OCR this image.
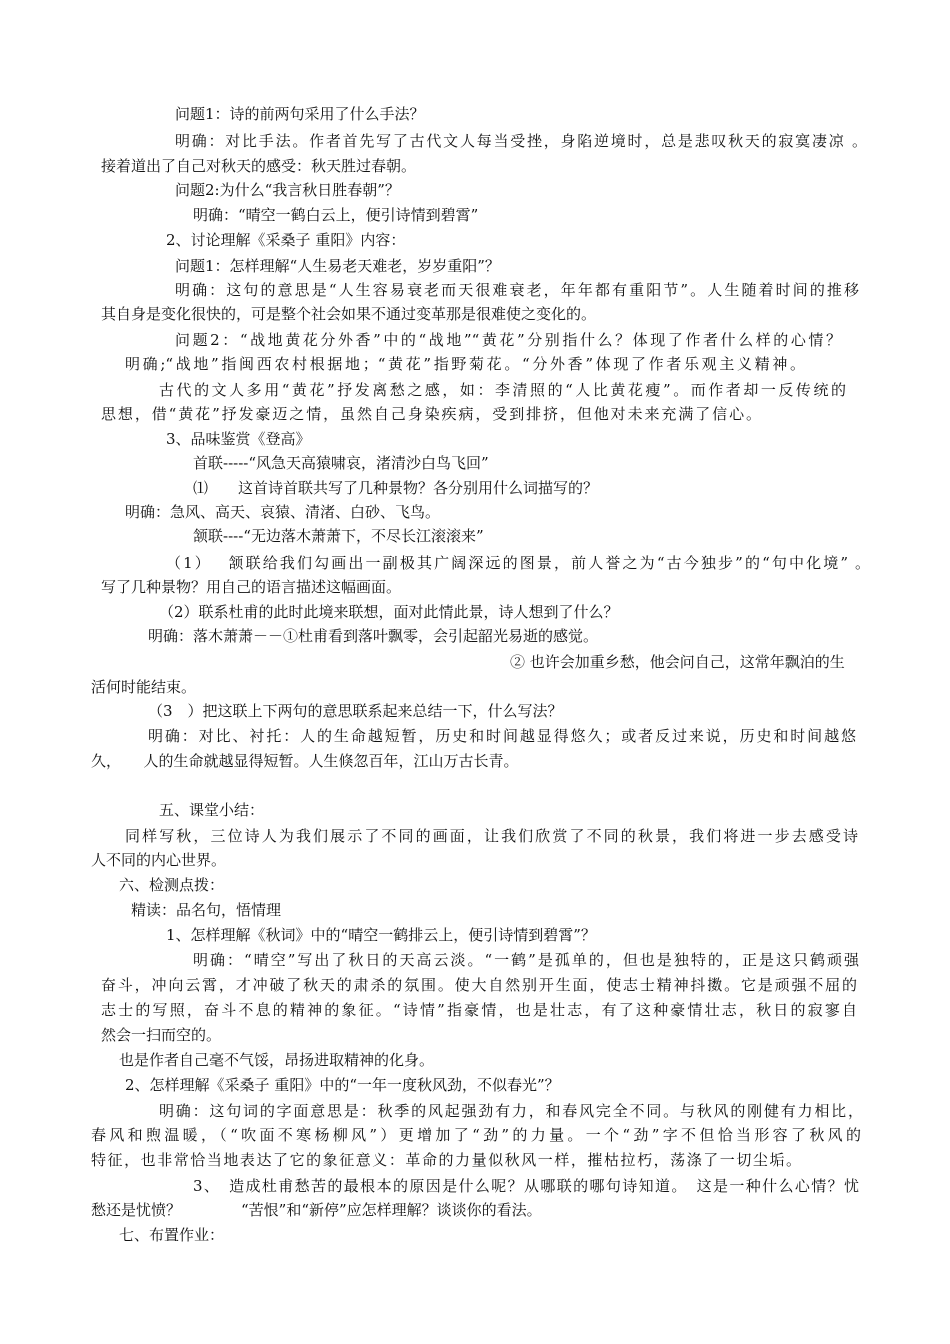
问题1：诗的前两句采用了什么手法？
明确：对比手法。作者首先写了古代文人每当受挫，身陷逆境时，总是悲叹秋天的寂寞凄凉 。
接着道出了自己对秋天的感受：秋天胜过春朝。
问题2:为什么“我言秋日胜春朝”？
明确：“晴空一鹤白云上，便引诗情到碧霄”
2、讨论理解《采桑子 重阳》内容：
问题1：怎样理解“人生易老天难老，岁岁重阳”？
明确：这句的意思是“人生容易衰老而天很难衰老，年年都有重阳节”。人生随着时间的推移
其自身是变化很快的，可是整个社会如果不通过变革那是很难使之变化的。
问题2：“战地黄花分外香”中的“战地”“黄花”分别指什么？体现了作者什么样的心情？
明确;“战地”指闽西农村根据地；“黄花”指野菊花。“分外香”体现了作者乐观主义精神。
古代的文人多用“黄花”抒发离愁之感，如：李清照的“人比黄花瘦”。而作者却一反传统的
思想，借“黄花”抒发豪迈之情，虽然自己身染疾病，受到排挤，但他对未来充满了信心。
3、品味鉴赏《登高》
首联-----“风急天高猿啸哀，渚清沙白鸟飞回”
⑴　　这首诗首联共写了几种景物？各分别用什么词描写的？
明确：急风、高天、哀猿、清渚、白砂、飞鸟。
颔联----“无边落木萧萧下，不尽长江滚滚来”
（1）　 颔联给我们勾画出一副极其广阔深远的图景，前人誉之为“古今独步”的“句中化境” 。
写了几种景物？用自己的语言描述这幅画面。
（2）联系杜甫的此时此境来联想，面对此情此景，诗人想到了什么？
明确：落木萧萧－－①杜甫看到落叶飘零，会引起韶光易逝的感觉。
② 也许会加重乡愁，他会问自己，这常年飘泊的生
活何时能结束。
（3　）把这联上下两句的意思联系起来总结一下，什么写法？
明确：对比、衬托：人的生命越短暂，历史和时间越显得悠久；或者反过来说，历史和时间越悠
久，　　人的生命就越显得短暂。人生倏忽百年，江山万古长青。
五、课堂小结：
同样写秋，三位诗人为我们展示了不同的画面，让我们欣赏了不同的秋景，我们将进一步去感受诗
人不同的内心世界。
六、检测点拨：
精读：品名句，悟情理
1、怎样理解《秋词》中的“晴空一鹤排云上，便引诗情到碧霄”？
明确：“晴空”写出了秋日的天高云淡。“一鹤”是孤单的，但也是独特的，正是这只鹤顽强
奋斗，冲向云霄，才冲破了秋天的肃杀的氛围。使大自然别开生面，使志士精神抖擞。它是顽强不屈的
志士的写照，奋斗不息的精神的象征。“诗情”指豪情，也是壮志，有了这种豪情壮志，秋日的寂寥自
然会一扫而空的。
也是作者自己毫不气馁，昂扬进取精神的化身。
2、怎样理解《采桑子 重阳》中的“一年一度秋风劲，不似春光”？
明确：这句词的字面意思是：秋季的风起强劲有力，和春风完全不同。与秋风的刚健有力相比，
春风和煦温暖，（“吹面不寒杨柳风”）更增加了“劲”的力量。一个“劲”字不但恰当形容了秋风的
特征，也非常恰当地表达了它的象征意义：革命的力量似秋风一样，摧枯拉朽，荡涤了一切尘垢。
3、　造成杜甫愁苦的最根本的原因是什么呢？从哪联的哪句诗知道。　这是一种什么心情？忧
愁还是忧愤？　　　　“苦恨”和“新停”应怎样理解？谈谈你的看法。
七、布置作业：
